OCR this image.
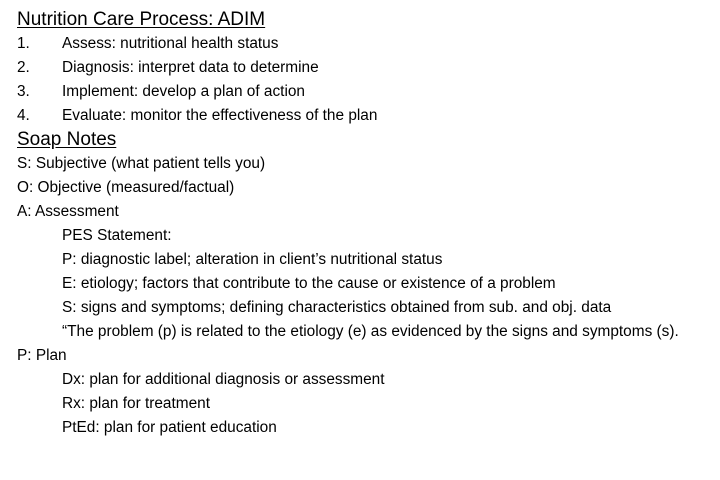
Nutrition Care Process: ADIM
1.	Assess: nutritional health status
2.	Diagnosis: interpret data to determine
3.	Implement: develop a plan of action
4.	Evaluate: monitor the effectiveness of the plan
Soap Notes

S: Subjective (what patient tells you)

O: Objective (measured/factual)

A: Assessment

PES Statement:

P: diagnostic label; alteration in client’s nutritional status

E: etiology; factors that contribute to the cause or existence of a problem

S: signs and symptoms; defining characteristics obtained from sub. and obj. data

“The problem (p) is related to the etiology (e) as evidenced by the signs and symptoms (s).

P: Plan

Dx: plan for additional diagnosis or assessment

Rx: plan for treatment

PtEd: plan for patient education
